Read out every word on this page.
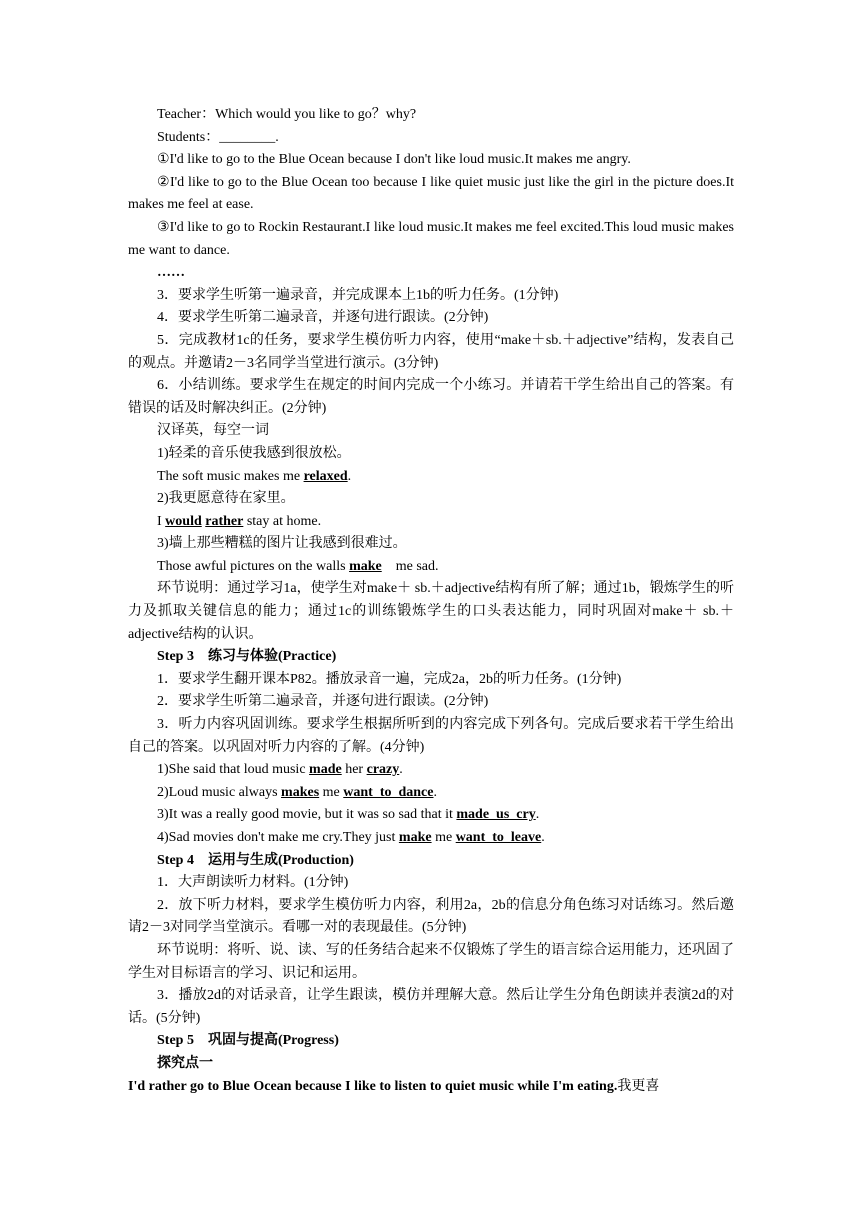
Teacher：Which would you like to go？why?

Students：________.

①I'd like to go to the Blue Ocean because I don't like loud music.It makes me angry.

②I'd like to go to the Blue Ocean too because I like quiet music just like the girl in the picture does.It makes me feel at ease.

③I'd like to go to Rockin Restaurant.I like loud music.It makes me feel excited.This loud music makes me want to dance.

……

3．要求学生听第一遍录音，并完成课本上1b的听力任务。(1分钟)

4．要求学生听第二遍录音，并逐句进行跟读。(2分钟)

5．完成教材1c的任务，要求学生模仿听力内容，使用“make＋sb.＋adjective”结构，发表自己的观点。并邀请2－3名同学当堂进行演示。(3分钟)

6．小结训练。要求学生在规定的时间内完成一个小练习。并请若干学生给出自己的答案。有错误的话及时解决纠正。(2分钟)

汉译英，每空一词

1)轻柔的音乐使我感到很放松。

The soft music makes me relaxed.

2)我更愿意待在家里。

I would rather stay at home.

3)墙上那些糟糕的图片让我感到很难过。

Those awful pictures on the walls make me sad.

环节说明：通过学习1a，使学生对make＋ sb.＋adjective结构有所了解；通过1b，锻炼学生的听力及抓取关键信息的能力；通过1c的训练锻炼学生的口头表达能力，同时巩固对make＋ sb.＋adjective结构的认识。

Step 3　练习与体验(Practice)

1．要求学生翻开课本P82。播放录音一遍，完成2a，2b的听力任务。(1分钟)

2．要求学生听第二遍录音，并逐句进行跟读。(2分钟)

3．听力内容巩固训练。要求学生根据所听到的内容完成下列各句。完成后要求若干学生给出自己的答案。以巩固对听力内容的了解。(4分钟)

1)She said that loud music made her crazy.

2)Loud music always makes me want_to_dance.

3)It was a really good movie, but it was so sad that it made_us_cry.

4)Sad movies don't make me cry.They just make me want_to_leave.

Step 4　运用与生成(Production)

1．大声朗读听力材料。(1分钟)

2．放下听力材料，要求学生模仿听力内容，利用2a，2b的信息分角色练习对话练习。然后邀请2－3对同学当堂演示。看哪一对的表现最佳。(5分钟)

环节说明：将听、说、读、写的任务结合起来不仅锻炼了学生的语言综合运用能力，还巩固了学生对目标语言的学习、识记和运用。

3．播放2d的对话录音，让学生跟读，模仿并理解大意。然后让学生分角色朗读并表演2d的对话。(5分钟)

Step 5　巩固与提高(Progress)

探究点一

I'd rather go to Blue Ocean because I like to listen to quiet music while I'm eating.我更喜
